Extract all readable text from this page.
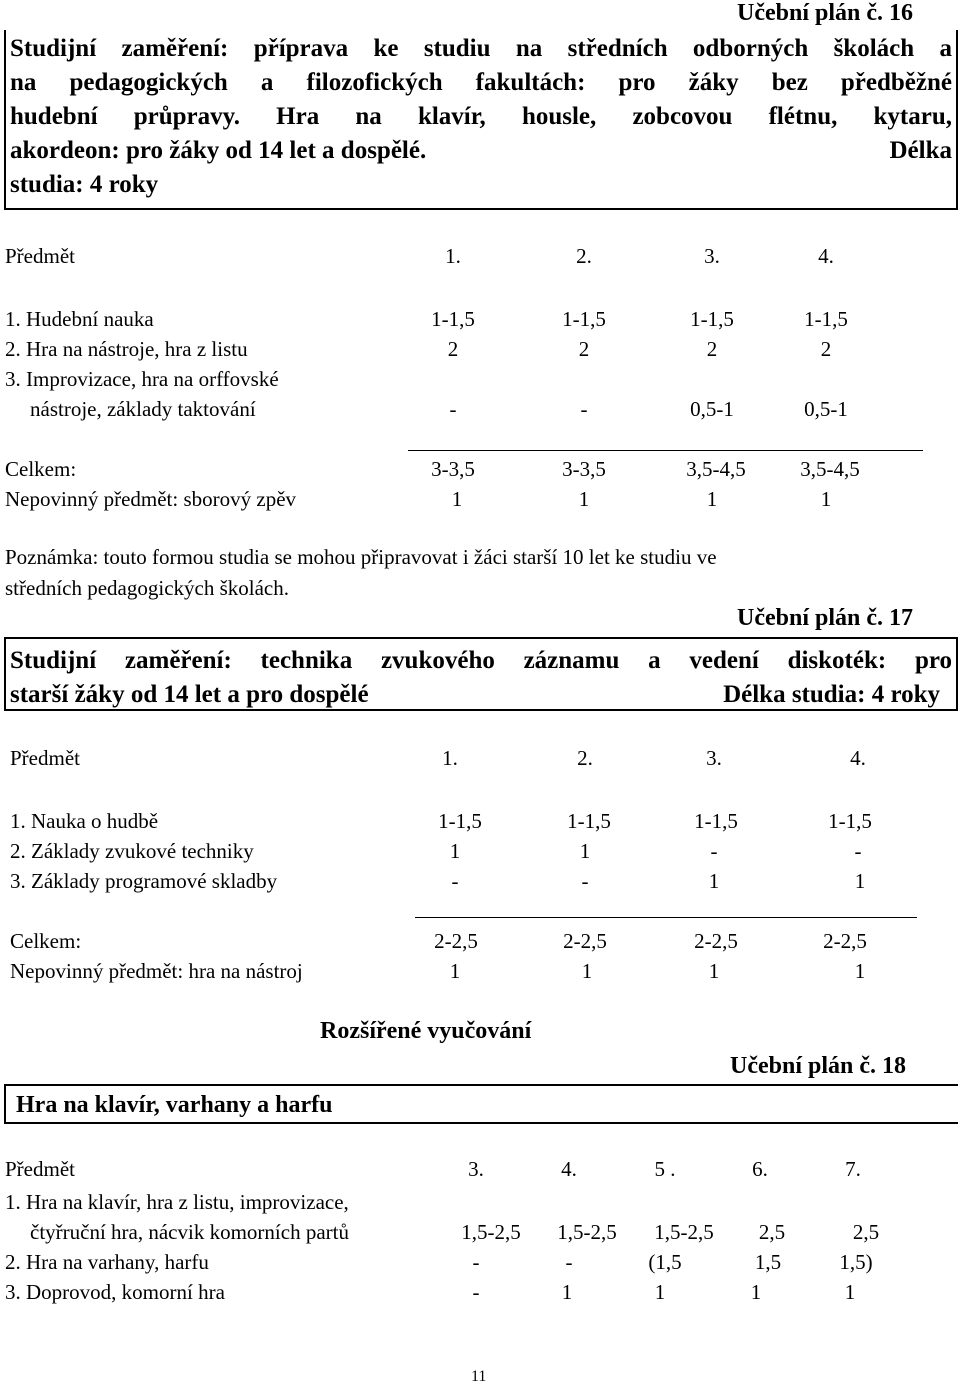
Učební plán č. 16
Studijní zaměření: příprava ke studiu na středních odborných školách a
na pedagogických a filozofických fakultách: pro žáky bez předběžné
hudební průpravy. Hra na klavír, housle, zobcovou flétnu, kytaru,
akordeon: pro žáky od 14 let a dospělé.	Délka
studia: 4 roky
Předmět	1.	2.	3.	4.
1. Hudební nauka	1-1,5	1-1,5	1-1,5	1-1,5
2. Hra na nástroje, hra z listu	2	2	2	2
3. Improvizace, hra na orffovské
nástroje, základy taktování	-	-	0,5-1	0,5-1
Celkem:	3-3,5	3-3,5	3,5-4,5	3,5-4,5
Nepovinný předmět: sborový zpěv	1	1	1	1
Poznámka: touto formou studia se mohou připravovat i žáci starší 10 let ke studiu ve
středních pedagogických školách.
Učební plán č. 17
Studijní zaměření: technika zvukového záznamu a vedení diskoték: pro
starší žáky od 14 let a pro dospělé	Délka studia: 4 roky
Předmět	1.	2.	3.	4.
1. Nauka o hudbě	1-1,5	1-1,5	1-1,5	1-1,5
2. Základy zvukové techniky	1	1	-	-
3. Základy programové skladby	-	-	1	1
Celkem:	2-2,5	2-2,5	2-2,5	2-2,5
Nepovinný předmět: hra na nástroj	1	1	1	1
Rozšířené vyučování
Učební plán č. 18
Hra na klavír, varhany a harfu
Předmět	3.	4.	5 .	6.	7.
1. Hra na klavír, hra z listu, improvizace,
čtyřruční hra, nácvik komorních partů	1,5-2,5	1,5-2,5	1,5-2,5	2,5	2,5
2. Hra na varhany, harfu	-	-	(1,5	1,5	1,5)
3. Doprovod, komorní hra	-	1	1	1	1
11
